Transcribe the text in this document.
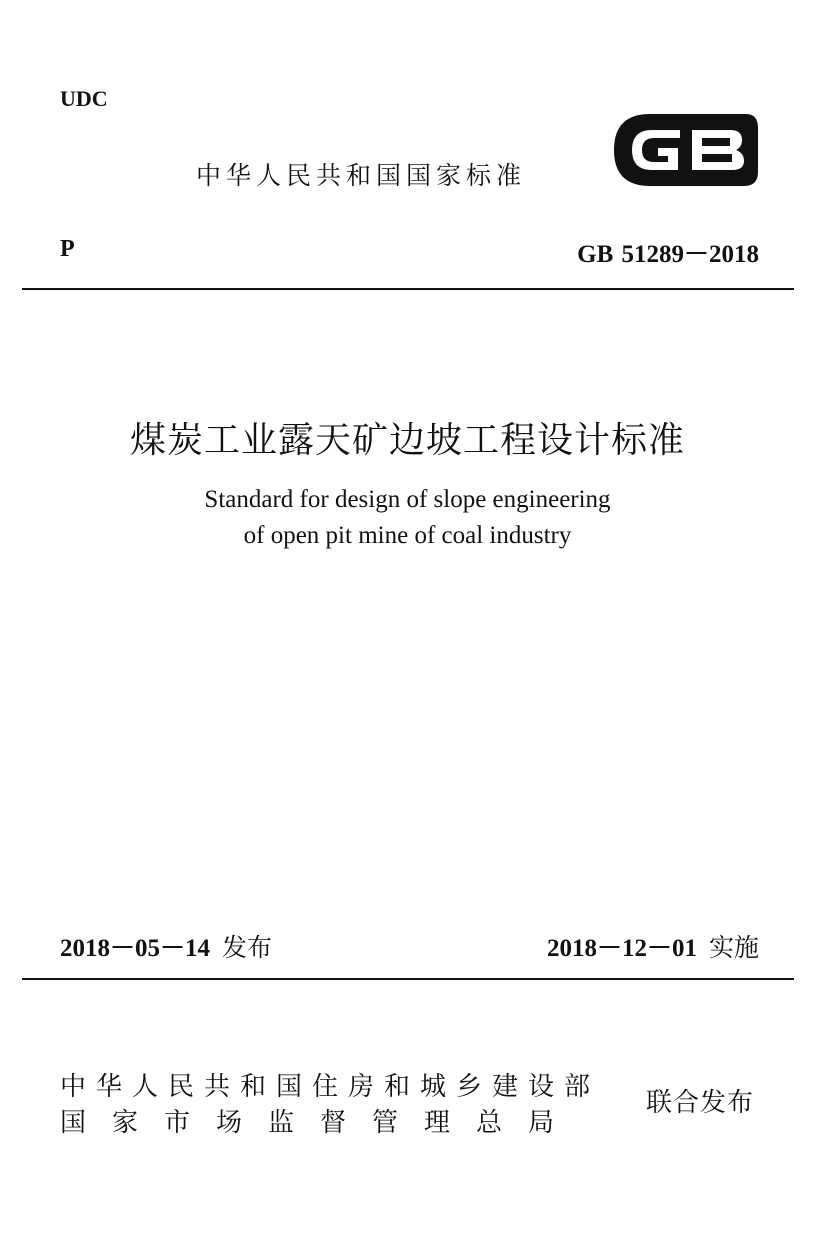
UDC
中华人民共和国国家标准
P	GB 51289－2018
煤炭工业露天矿边坡工程设计标准
Standard for design of slope engineering
of open pit mine of coal industry
2018－05－14 发布	2018－12－01 实施
中华人民共和国住房和城乡建设部
国家市场监督管理总局
联合发布
